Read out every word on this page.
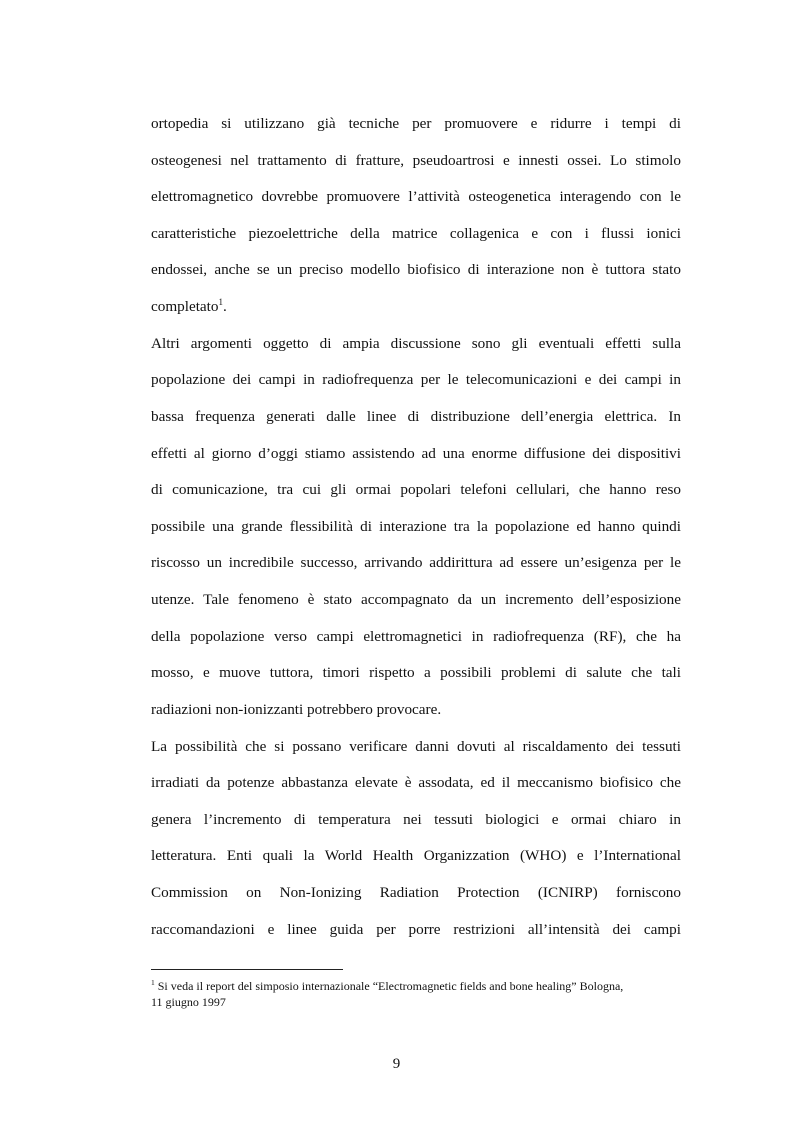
ortopedia si utilizzano già tecniche per promuovere e ridurre i tempi di
osteogenesi nel trattamento di fratture, pseudoartrosi e innesti ossei. Lo stimolo
elettromagnetico dovrebbe promuovere l’attività osteogenetica interagendo con le
caratteristiche piezoelettriche della matrice collagenica e con i flussi ionici
endossei, anche se un preciso modello biofisico di interazione non è tuttora stato
completato$^1$.
Altri argomenti oggetto di ampia discussione sono gli eventuali effetti sulla
popolazione dei campi in radiofrequenza per le telecomunicazioni e dei campi in
bassa frequenza generati dalle linee di distribuzione dell’energia elettrica. In
effetti al giorno d’oggi stiamo assistendo ad una enorme diffusione dei dispositivi
di comunicazione, tra cui gli ormai popolari telefoni cellulari, che hanno reso
possibile una grande flessibilità di interazione tra la popolazione ed hanno quindi
riscosso un incredibile successo, arrivando addirittura ad essere un’esigenza per le
utenze. Tale fenomeno è stato accompagnato da un incremento dell’esposizione
della popolazione verso campi elettromagnetici in radiofrequenza (RF), che ha
mosso, e muove tuttora, timori rispetto a possibili problemi di salute che tali
radiazioni non-ionizzanti potrebbero provocare.
La possibilità che si possano verificare danni dovuti al riscaldamento dei tessuti
irradiati da potenze abbastanza elevate è assodata, ed il meccanismo biofisico che
genera l’incremento di temperatura nei tessuti biologici e ormai chiaro in
letteratura. Enti quali la World Health Organizzation (WHO) e l’International
Commission on Non-Ionizing Radiation Protection (ICNIRP) forniscono
raccomandazioni e linee guida per porre restrizioni all’intensità dei campi
$^1$ Si veda il report del simposio internazionale “Electromagnetic fields and bone healing” Bologna,
11 giugno 1997
9
